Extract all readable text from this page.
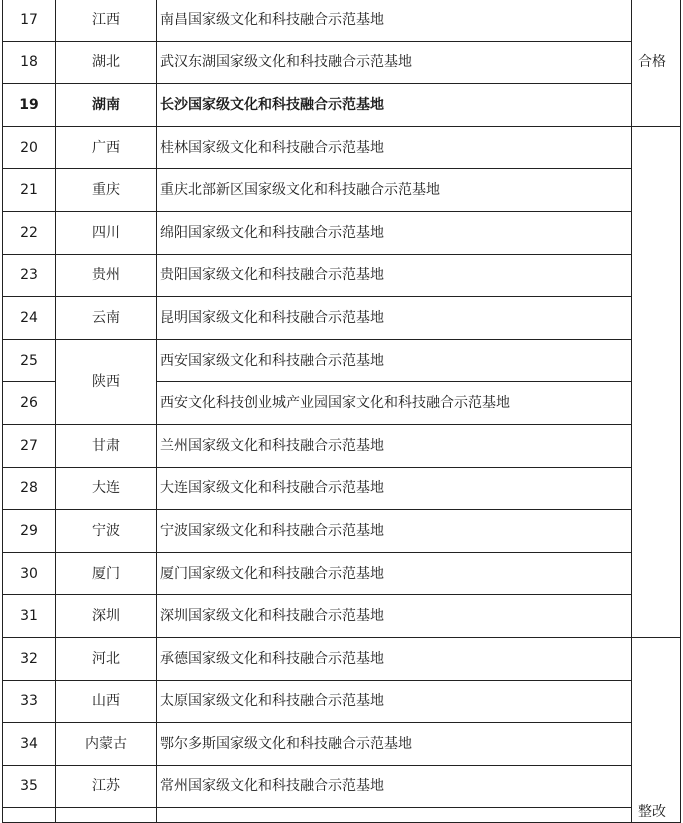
17	江西	南昌国家级文化和科技融合示范基地	合格
18	湖北	武汉东湖国家级文化和科技融合示范基地	
19	湖南	长沙国家级文化和科技融合示范基地	
20	广西	桂林国家级文化和科技融合示范基地	
21	重庆	重庆北部新区国家级文化和科技融合示范基地	
22	四川	绵阳国家级文化和科技融合示范基地	
23	贵州	贵阳国家级文化和科技融合示范基地	
24	云南	昆明国家级文化和科技融合示范基地	
25	陕西	西安国家级文化和科技融合示范基地	
26		西安文化科技创业城产业园国家文化和科技融合示范基地	
27	甘肃	兰州国家级文化和科技融合示范基地	
28	大连	大连国家级文化和科技融合示范基地	
29	宁波	宁波国家级文化和科技融合示范基地	
30	厦门	厦门国家级文化和科技融合示范基地	
31	深圳	深圳国家级文化和科技融合示范基地	
32	河北	承德国家级文化和科技融合示范基地	整改
33	山西	太原国家级文化和科技融合示范基地	
34	内蒙古	鄂尔多斯国家级文化和科技融合示范基地	
35	江苏	常州国家级文化和科技融合示范基地	
